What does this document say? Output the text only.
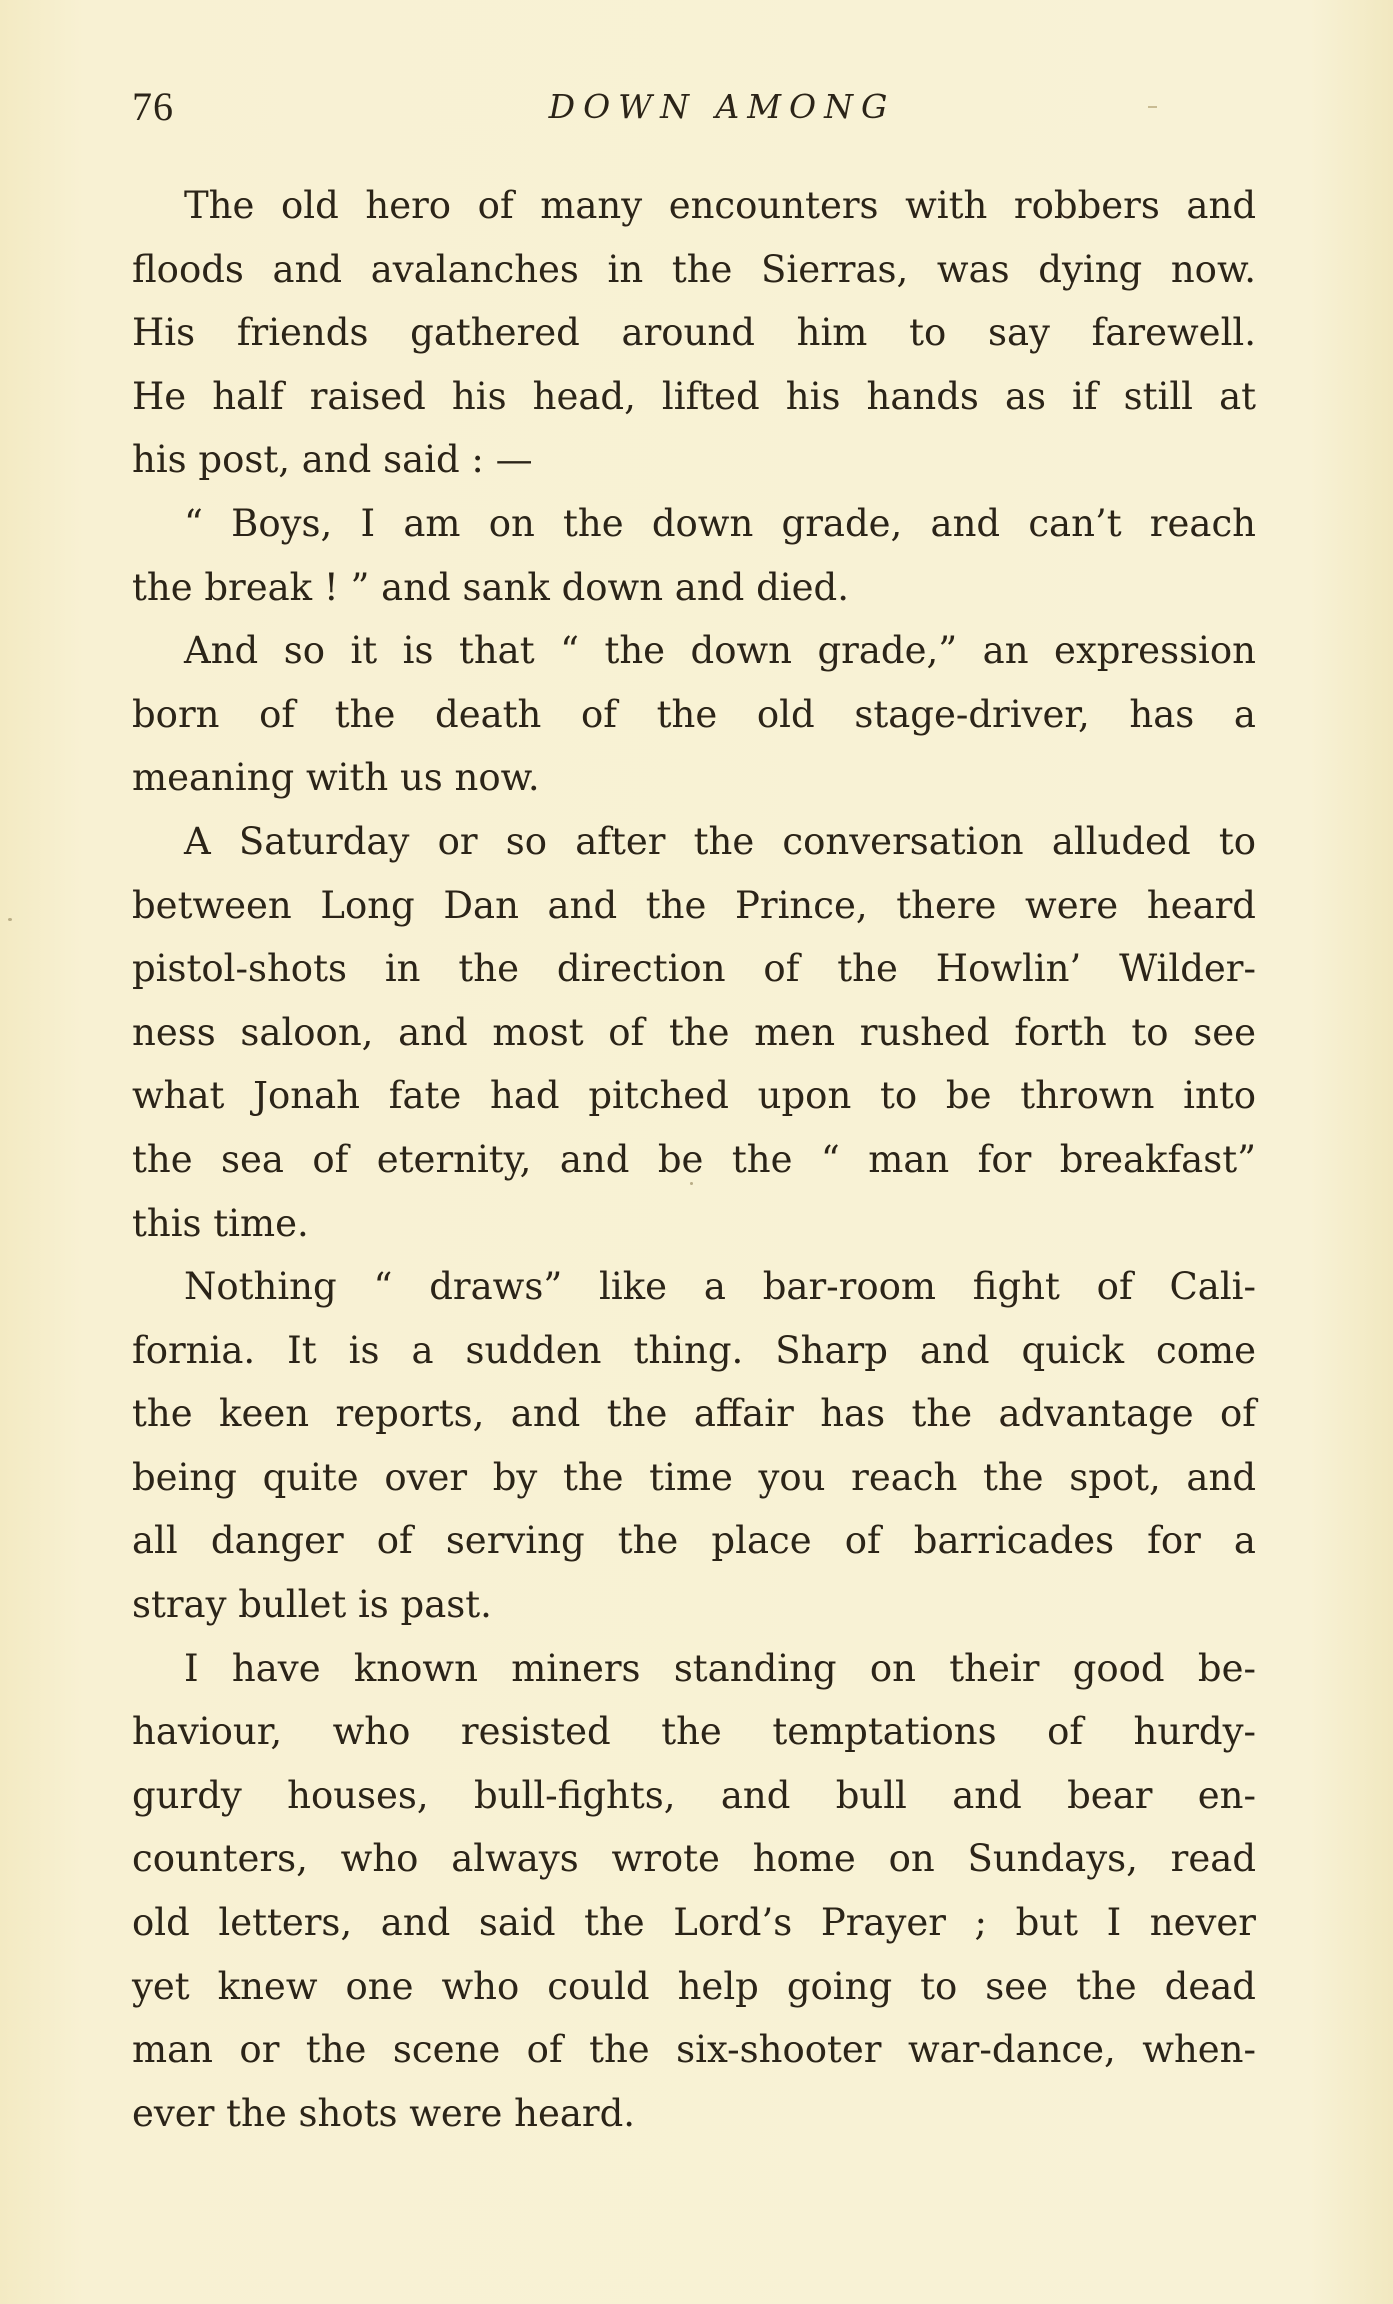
76	DOWN AMONG
The old hero of many encounters with robbers and
floods and avalanches in the Sierras, was dying now.
His friends gathered around him to say farewell.
He half raised his head, lifted his hands as if still at
his post, and said : —
“ Boys, I am on the down grade, and can’t reach
the break ! ” and sank down and died.
And so it is that “ the down grade,” an expression
born of the death of the old stage-driver, has a
meaning with us now.
A Saturday or so after the conversation alluded to
between Long Dan and the Prince, there were heard
pistol-shots in the direction of the Howlin’ Wilder-
ness saloon, and most of the men rushed forth to see
what Jonah fate had pitched upon to be thrown into
the sea of eternity, and be the “ man for breakfast”
this time.
Nothing “ draws” like a bar-room fight of Cali-
fornia. It is a sudden thing. Sharp and quick come
the keen reports, and the affair has the advantage of
being quite over by the time you reach the spot, and
all danger of serving the place of barricades for a
stray bullet is past.
I have known miners standing on their good be-
haviour, who resisted the temptations of hurdy-
gurdy houses, bull-fights, and bull and bear en-
counters, who always wrote home on Sundays, read
old letters, and said the Lord’s Prayer ; but I never
yet knew one who could help going to see the dead
man or the scene of the six-shooter war-dance, when-
ever the shots were heard.
